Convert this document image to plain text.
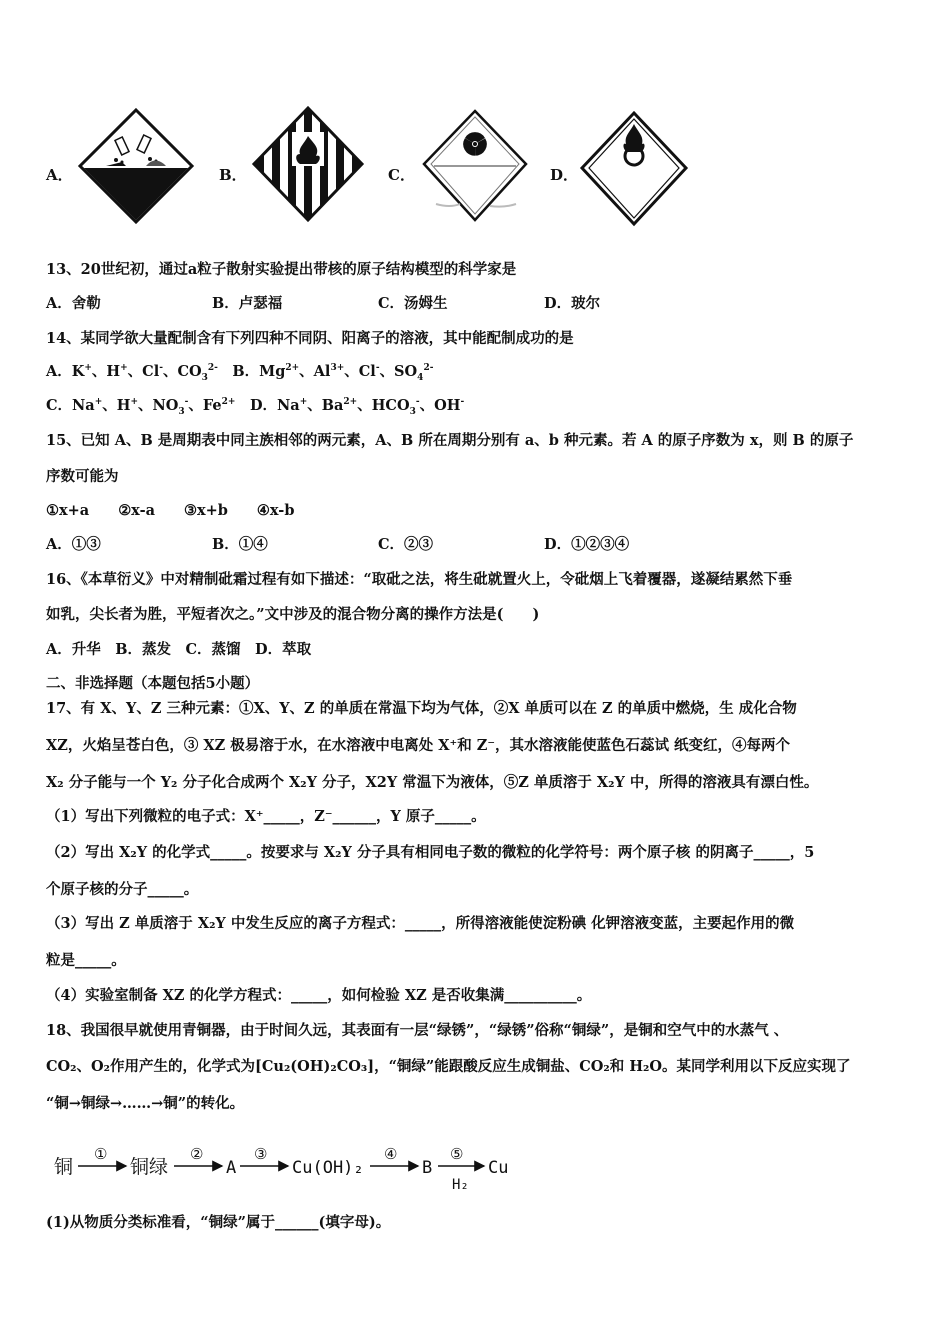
A．	B．	C．	D．
13、20世纪初，通过a粒子散射实验提出带核的原子结构模型的科学家是
A．舍勒	B．卢瑟福	C．汤姆生	D．玻尔
14、某同学欲大量配制含有下列四种不同阴、阳离子的溶液，其中能配制成功的是
A．K+、H+、Cl-、$CO_3^{2-}$　 B．$Mg^{2+}$、$Al^{3+}$、Cl-、$SO_4^{2-}$
C．Na+、H+、$NO_3^-$、$Fe^{2+}$　 D．Na+、$Ba^{2+}$、$HCO_3^-$、OH-
15、已知 A、B 是周期表中同主族相邻的两元素，A、B 所在周期分别有 a、b 种元素。若 A 的原子序数为 x，则 B 的原子
序数可能为
①x+a　　②x-a　　③x+b　　④x-b
A．①③	B．①④	C．②③	D．①②③④
16、《本草衍义》中对精制砒霜过程有如下描述：“取砒之法，将生砒就置火上，令砒烟上飞着覆器，遂凝结累然下垂
如乳，尖长者为胜，平短者次之。”文中涉及的混合物分离的操作方法是(　　)
A．升华　B．蒸发　C．蒸馏　D．萃取
二、非选择题（本题包括5小题）
17、有 X、Y、Z 三种元素：①X、Y、Z 的单质在常温下均为气体，②X 单质可以在 Z 的单质中燃烧，生 成化合物
XZ，火焰呈苍白色，③ XZ 极易溶于水，在水溶液中电离处 X⁺和 Z⁻，其水溶液能使蓝色石蕊试 纸变红，④每两个
X₂ 分子能与一个 Y₂ 分子化合成两个 X₂Y 分子，X2Y 常温下为液体，⑤Z 单质溶于 X₂Y 中，所得的溶液具有漂白性。
（1）写出下列微粒的电子式：X⁺_____，Z⁻______，Y 原子_____。
（2）写出 X₂Y 的化学式_____。按要求与 X₂Y 分子具有相同电子数的微粒的化学符号：两个原子核 的阴离子_____，5
个原子核的分子_____。
（3）写出 Z 单质溶于 X₂Y 中发生反应的离子方程式：_____，所得溶液能使淀粉碘 化钾溶液变蓝，主要起作用的微
粒是_____。
（4）实验室制备 XZ 的化学方程式：_____，如何检验 XZ 是否收集满__________。
18、我国很早就使用青铜器，由于时间久远，其表面有一层“绿锈”，“绿锈”俗称“铜绿”，是铜和空气中的水蒸气 、
CO₂、O₂作用产生的，化学式为[Cu₂(OH)₂CO₃]，“铜绿”能跟酸反应生成铜盐、CO₂和 H₂O。某同学利用以下反应实现了
“铜→铜绿→……→铜”的转化。
铜
①
铜绿
②
A
③
Cu(OH)₂
④
B
⑤
H₂
Cu
(1)从物质分类标准看，“铜绿”属于______(填字母)。
